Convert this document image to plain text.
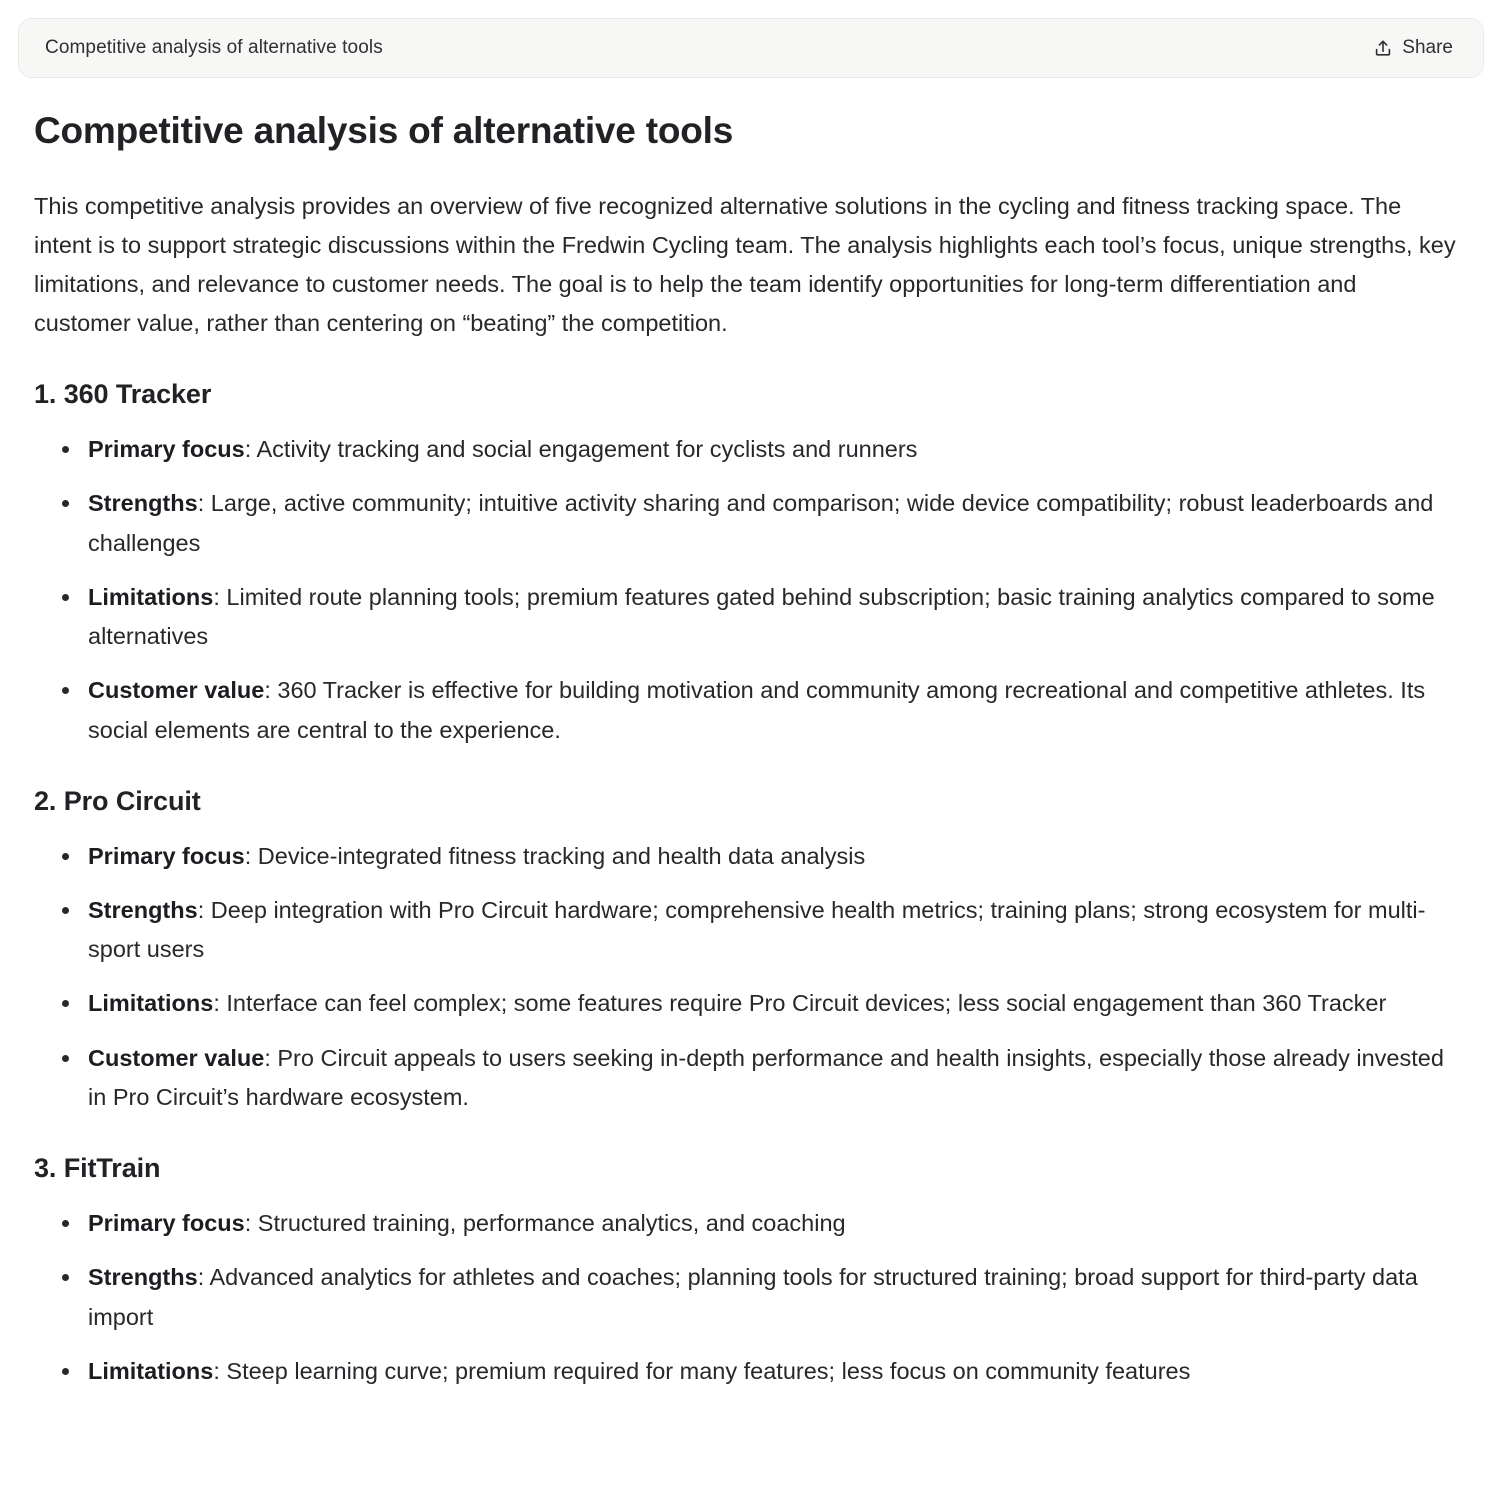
Competitive analysis of alternative tools	Share
Competitive analysis of alternative tools

This competitive analysis provides an overview of five recognized alternative solutions in the cycling and fitness tracking space. The intent is to support strategic discussions within the Fredwin Cycling team. The analysis highlights each tool’s focus, unique strengths, key limitations, and relevance to customer needs. The goal is to help the team identify opportunities for long-term differentiation and customer value, rather than centering on “beating” the competition.

1. 360 Tracker
Primary focus: Activity tracking and social engagement for cyclists and runners
Strengths: Large, active community; intuitive activity sharing and comparison; wide device compatibility; robust leaderboards and challenges
Limitations: Limited route planning tools; premium features gated behind subscription; basic training analytics compared to some alternatives
Customer value: 360 Tracker is effective for building motivation and community among recreational and competitive athletes. Its social elements are central to the experience.
2. Pro Circuit
Primary focus: Device-integrated fitness tracking and health data analysis
Strengths: Deep integration with Pro Circuit hardware; comprehensive health metrics; training plans; strong ecosystem for multi-sport users
Limitations: Interface can feel complex; some features require Pro Circuit devices; less social engagement than 360 Tracker
Customer value: Pro Circuit appeals to users seeking in-depth performance and health insights, especially those already invested in Pro Circuit’s hardware ecosystem.
3. FitTrain
Primary focus: Structured training, performance analytics, and coaching
Strengths: Advanced analytics for athletes and coaches; planning tools for structured training; broad support for third-party data import
Limitations: Steep learning curve; premium required for many features; less focus on community features
